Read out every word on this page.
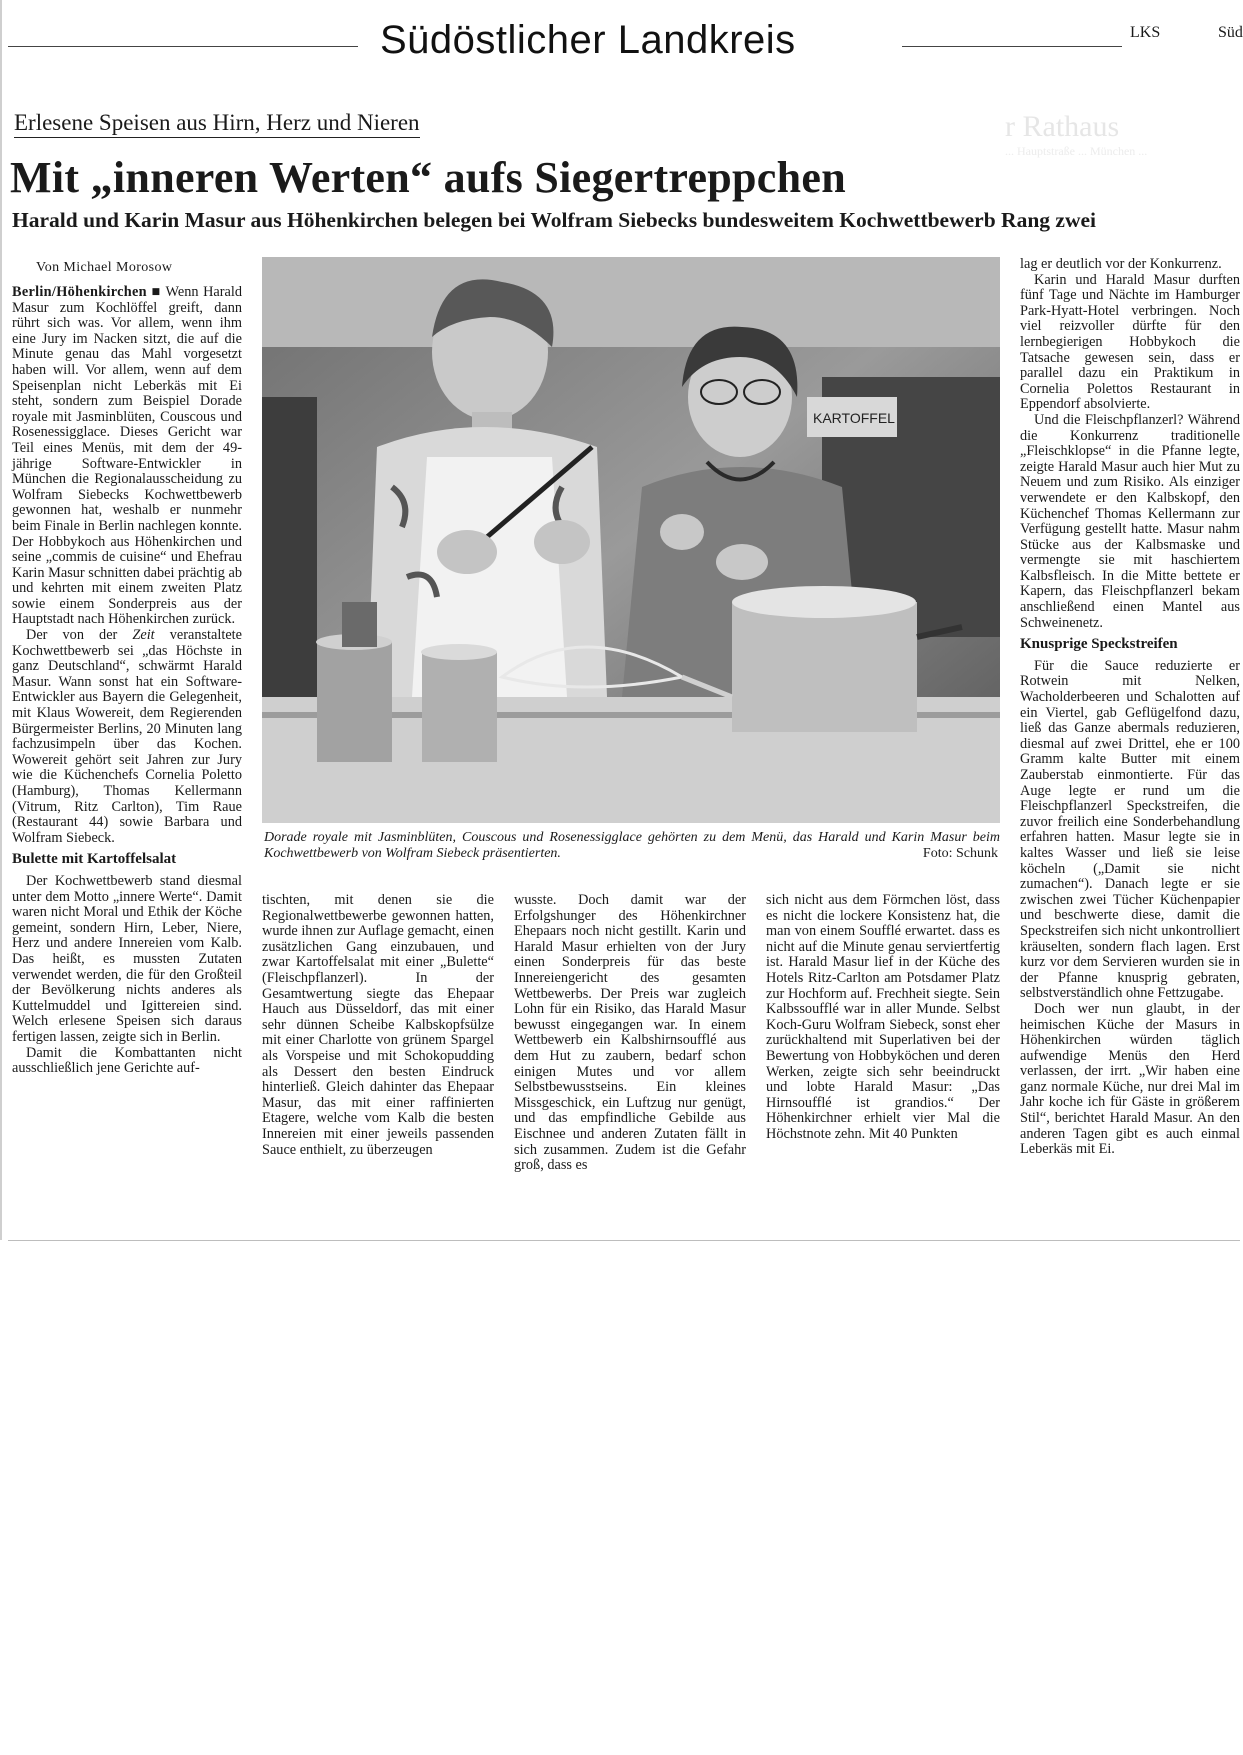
Südöstlicher Landkreis	LKS	Süd
r Rathaus
... Hauptstraße ... München ...
Erlesene Speisen aus Hirn, Herz und Nieren
Mit „inneren Werten“ aufs Siegertreppchen
Harald und Karin Masur aus Höhenkirchen belegen bei Wolfram Siebecks bundesweitem Kochwettbewerb Rang zwei
Von Michael Morosow

Berlin/Höhenkirchen ■ Wenn Harald Masur zum Kochlöffel greift, dann rührt sich was. Vor allem, wenn ihm eine Jury im Nacken sitzt, die auf die Minute genau das Mahl vorgesetzt haben will. Vor allem, wenn auf dem Speisenplan nicht Leberkäs mit Ei steht, sondern zum Beispiel Dorade royale mit Jasminblüten, Couscous und Rosenessigglace. Dieses Gericht war Teil eines Menüs, mit dem der 49-jährige Software-Entwickler in München die Regionalausscheidung zu Wolfram Siebecks Kochwettbewerb gewonnen hat, weshalb er nunmehr beim Finale in Berlin nachlegen konnte. Der Hobbykoch aus Höhenkirchen und seine „commis de cuisine“ und Ehefrau Karin Masur schnitten dabei prächtig ab und kehrten mit einem zweiten Platz sowie einem Sonderpreis aus der Hauptstadt nach Höhenkirchen zurück.

Der von der Zeit veranstaltete Kochwettbewerb sei „das Höchste in ganz Deutschland“, schwärmt Harald Masur. Wann sonst hat ein Software-Entwickler aus Bayern die Gelegenheit, mit Klaus Wowereit, dem Regierenden Bürgermeister Berlins, 20 Minuten lang fachzusimpeln über das Kochen. Wowereit gehört seit Jahren zur Jury wie die Küchenchefs Cornelia Poletto (Hamburg), Thomas Kellermann (Vitrum, Ritz Carlton), Tim Raue (Restaurant 44) sowie Barbara und Wolfram Siebeck.

Bulette mit Kartoffelsalat

Der Kochwettbewerb stand diesmal unter dem Motto „innere Werte“. Damit waren nicht Moral und Ethik der Köche gemeint, sondern Hirn, Leber, Niere, Herz und andere Innereien vom Kalb. Das heißt, es mussten Zutaten verwendet werden, die für den Großteil der Bevölkerung nichts anderes als Kuttelmuddel und Igittereien sind. Welch erlesene Speisen sich daraus fertigen lassen, zeigte sich in Berlin.

Damit die Kombattanten nicht ausschließlich jene Gerichte auf-

KARTOFFEL
Dorade royale mit Jasminblüten, Couscous und Rosenessigglace gehörten zu dem Menü, das Harald und Karin Masur beim Kochwettbewerb von Wolfram Siebeck präsentierten.	Foto: Schunk

tischten, mit denen sie die Regionalwettbewerbe gewonnen hatten, wurde ihnen zur Auflage gemacht, einen zusätzlichen Gang einzubauen, und zwar Kartoffelsalat mit einer „Bulette“ (Fleischpflanzerl). In der Gesamtwertung siegte das Ehepaar Hauch aus Düsseldorf, das mit einer sehr dünnen Scheibe Kalbskopfsülze mit einer Charlotte von grünem Spargel als Vorspeise und mit Schokopudding als Dessert den besten Eindruck hinterließ. Gleich dahinter das Ehepaar Masur, das mit einer raffinierten Etagere, welche vom Kalb die besten Innereien mit einer jeweils passenden Sauce enthielt, zu überzeugen

wusste. Doch damit war der Erfolgshunger des Höhenkirchner Ehepaars noch nicht gestillt. Karin und Harald Masur erhielten von der Jury einen Sonderpreis für das beste Innereiengericht des gesamten Wettbewerbs. Der Preis war zugleich Lohn für ein Risiko, das Harald Masur bewusst eingegangen war. In einem Wettbewerb ein Kalbshirnsoufflé aus dem Hut zu zaubern, bedarf schon einigen Mutes und vor allem Selbstbewusstseins. Ein kleines Missgeschick, ein Luftzug nur genügt, und das empfindliche Gebilde aus Eischnee und anderen Zutaten fällt in sich zusammen. Zudem ist die Gefahr groß, dass es

sich nicht aus dem Förmchen löst, dass es nicht die lockere Konsistenz hat, die man von einem Soufflé erwartet. dass es nicht auf die Minute genau serviertfertig ist. Harald Masur lief in der Küche des Hotels Ritz-Carlton am Potsdamer Platz zur Hochform auf. Frechheit siegte. Sein Kalbssoufflé war in aller Munde. Selbst Koch-Guru Wolfram Siebeck, sonst eher zurückhaltend mit Superlativen bei der Bewertung von Hobbyköchen und deren Werken, zeigte sich sehr beeindruckt und lobte Harald Masur: „Das Hirnsoufflé ist grandios.“ Der Höhenkirchner erhielt vier Mal die Höchstnote zehn. Mit 40 Punkten

lag er deutlich vor der Konkurrenz.

Karin und Harald Masur durften fünf Tage und Nächte im Hamburger Park-Hyatt-Hotel verbringen. Noch viel reizvoller dürfte für den lernbegierigen Hobbykoch die Tatsache gewesen sein, dass er parallel dazu ein Praktikum in Cornelia Polettos Restaurant in Eppendorf absolvierte.

Und die Fleischpflanzerl? Während die Konkurrenz traditionelle „Fleischklopse“ in die Pfanne legte, zeigte Harald Masur auch hier Mut zu Neuem und zum Risiko. Als einziger verwendete er den Kalbskopf, den Küchenchef Thomas Kellermann zur Verfügung gestellt hatte. Masur nahm Stücke aus der Kalbsmaske und vermengte sie mit haschiertem Kalbsfleisch. In die Mitte bettete er Kapern, das Fleischpflanzerl bekam anschließend einen Mantel aus Schweinenetz.

Knusprige Speckstreifen

Für die Sauce reduzierte er Rotwein mit Nelken, Wacholderbeeren und Schalotten auf ein Viertel, gab Geflügelfond dazu, ließ das Ganze abermals reduzieren, diesmal auf zwei Drittel, ehe er 100 Gramm kalte Butter mit einem Zauberstab einmontierte. Für das Auge legte er rund um die Fleischpflanzerl Speckstreifen, die zuvor freilich eine Sonderbehandlung erfahren hatten. Masur legte sie in kaltes Wasser und ließ sie leise köcheln („Damit sie nicht zumachen“). Danach legte er sie zwischen zwei Tücher Küchenpapier und beschwerte diese, damit die Speckstreifen sich nicht unkontrolliert kräuselten, sondern flach lagen. Erst kurz vor dem Servieren wurden sie in der Pfanne knusprig gebraten, selbstverständlich ohne Fettzugabe.

Doch wer nun glaubt, in der heimischen Küche der Masurs in Höhenkirchen würden täglich aufwendige Menüs den Herd verlassen, der irrt. „Wir haben eine ganz normale Küche, nur drei Mal im Jahr koche ich für Gäste in größerem Stil“, berichtet Harald Masur. An den anderen Tagen gibt es auch einmal Leberkäs mit Ei.
